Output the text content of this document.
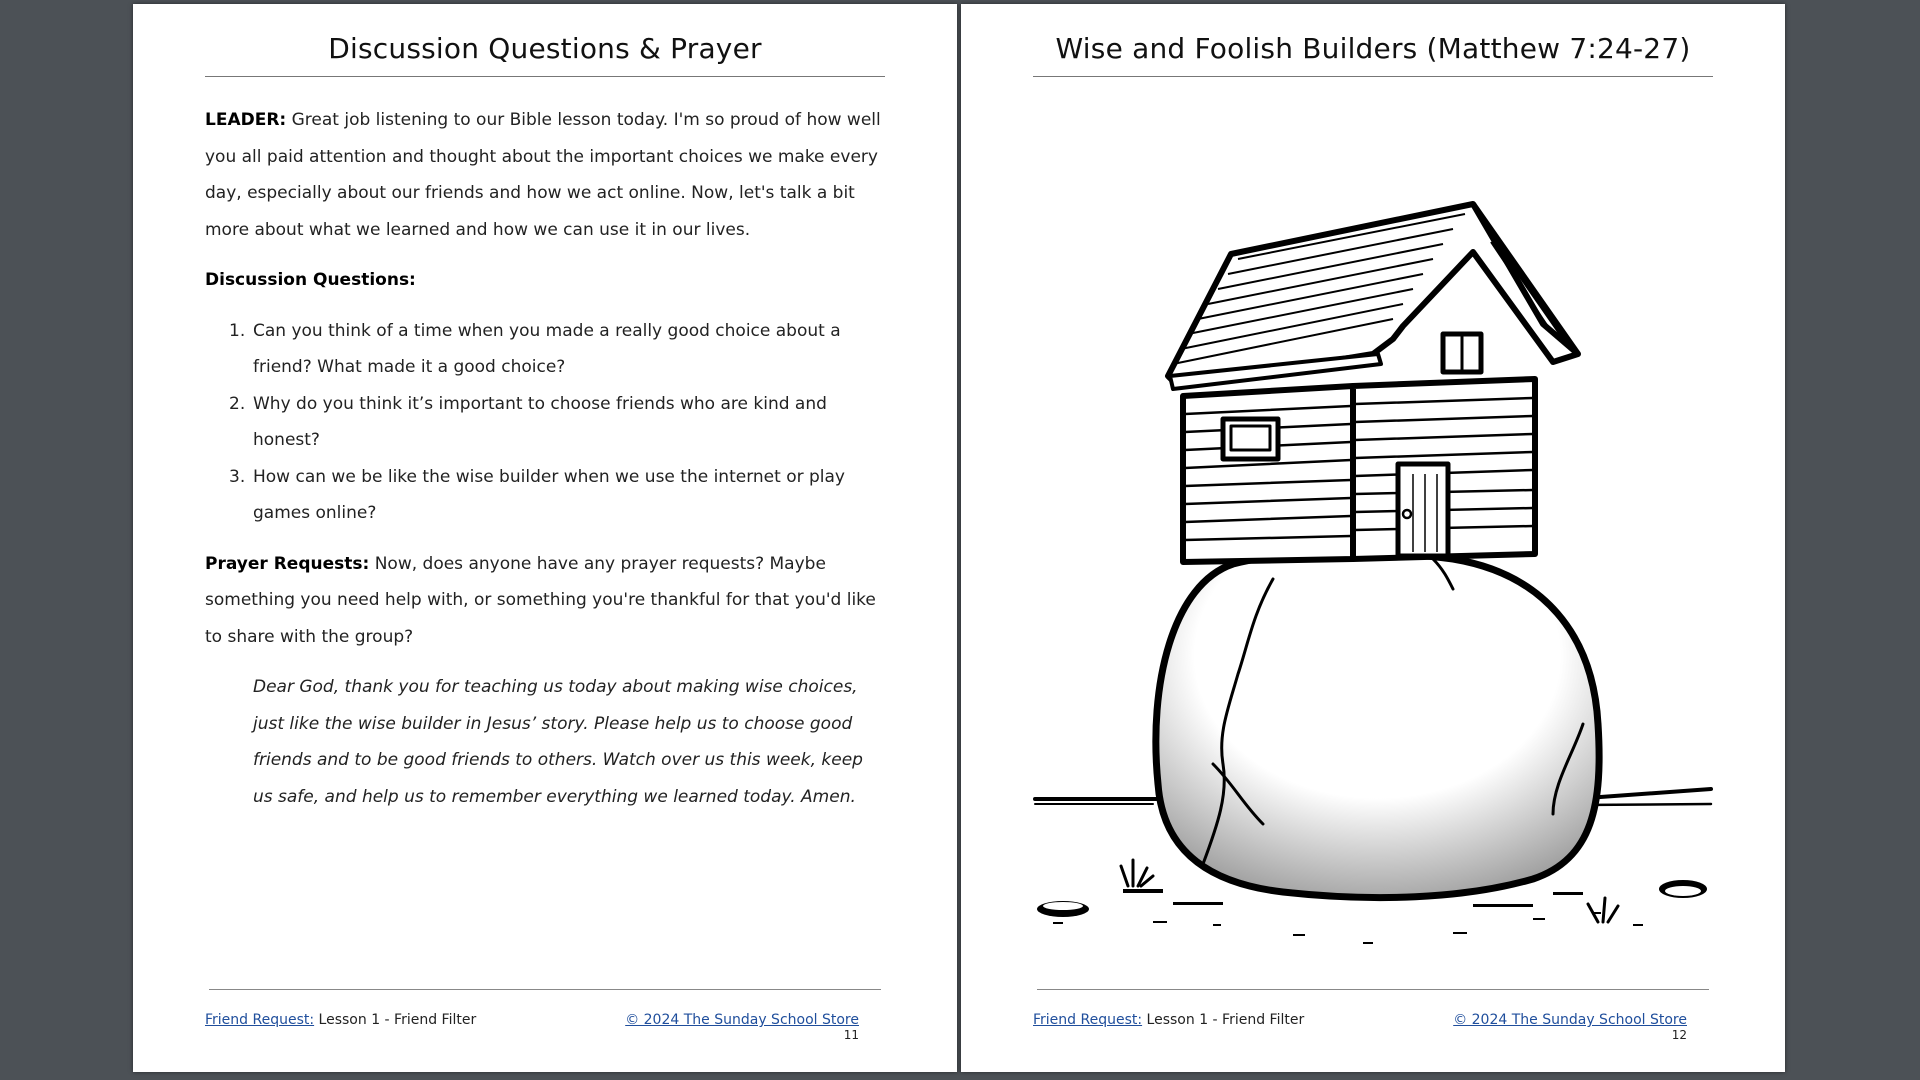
Discussion Questions & Prayer

LEADER: Great job listening to our Bible lesson today. I'm so proud of how well you all paid attention and thought about the important choices we make every day, especially about our friends and how we act online. Now, let's talk a bit more about what we learned and how we can use it in our lives.

Discussion Questions:

1. Can you think of a time when you made a really good choice about a friend? What made it a good choice?
2. Why do you think it’s important to choose friends who are kind and honest?
3. How can we be like the wise builder when we use the internet or play games online?

Prayer Requests: Now, does anyone have any prayer requests? Maybe something you need help with, or something you're thankful for that you'd like to share with the group?

Dear God, thank you for teaching us today about making wise choices, just like the wise builder in Jesus’ story. Please help us to choose good friends and to be good friends to others. Watch over us this week, keep us safe, and help us to remember everything we learned today. Amen.

Friend Request: Lesson 1 - Friend Filter	© 2024 The Sunday School Store
11
Wise and Foolish Builders (Matthew 7:24-27)
Friend Request: Lesson 1 - Friend Filter	© 2024 The Sunday School Store
12
